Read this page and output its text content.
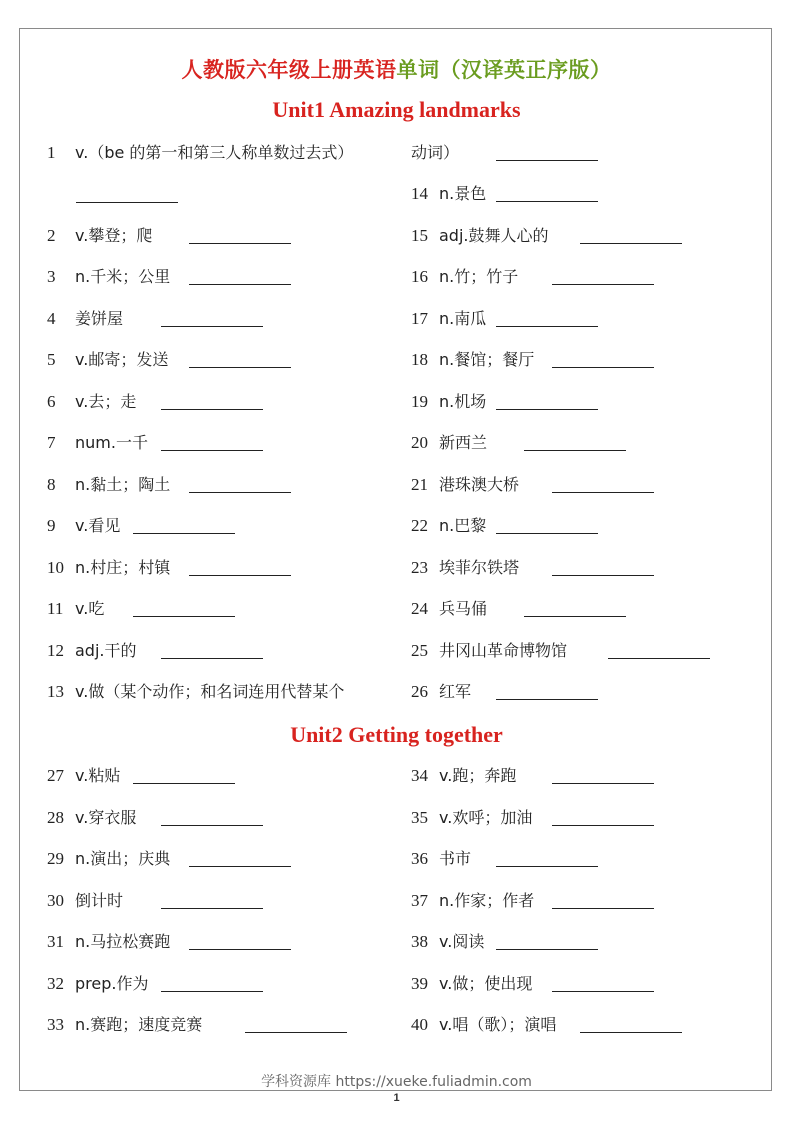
人教版六年级上册英语单词（汉译英正序版）
Unit1 Amazing landmarks
1 v.（be 的第一和第三人称单数过去式）
2 v.攀登；爬
3 n.千米；公里
4 姜饼屋
5 v.邮寄；发送
6 v.去；走
7 num.一千
8 n.黏土；陶土
9 v.看见
10 n.村庄；村镇
11 v.吃
12 adj.干的
13 v.做（某个动作；和名词连用代替某个
动词）
14 n.景色
15 adj.鼓舞人心的
16 n.竹；竹子
17 n.南瓜
18 n.餐馆；餐厅
19 n.机场
20 新西兰
21 港珠澳大桥
22 n.巴黎
23 埃菲尔铁塔
24 兵马俑
25 井冈山革命博物馆
26 红军
Unit2 Getting together
27 v.粘贴
28 v.穿衣服
29 n.演出；庆典
30 倒计时
31 n.马拉松赛跑
32 prep.作为
33 n.赛跑；速度竞赛
34 v.跑；奔跑
35 v.欢呼；加油
36 书市
37 n.作家；作者
38 v.阅读
39 v.做；使出现
40 v.唱（歌）；演唱
学科资源库 https://xueke.fuliadmin.com
1
